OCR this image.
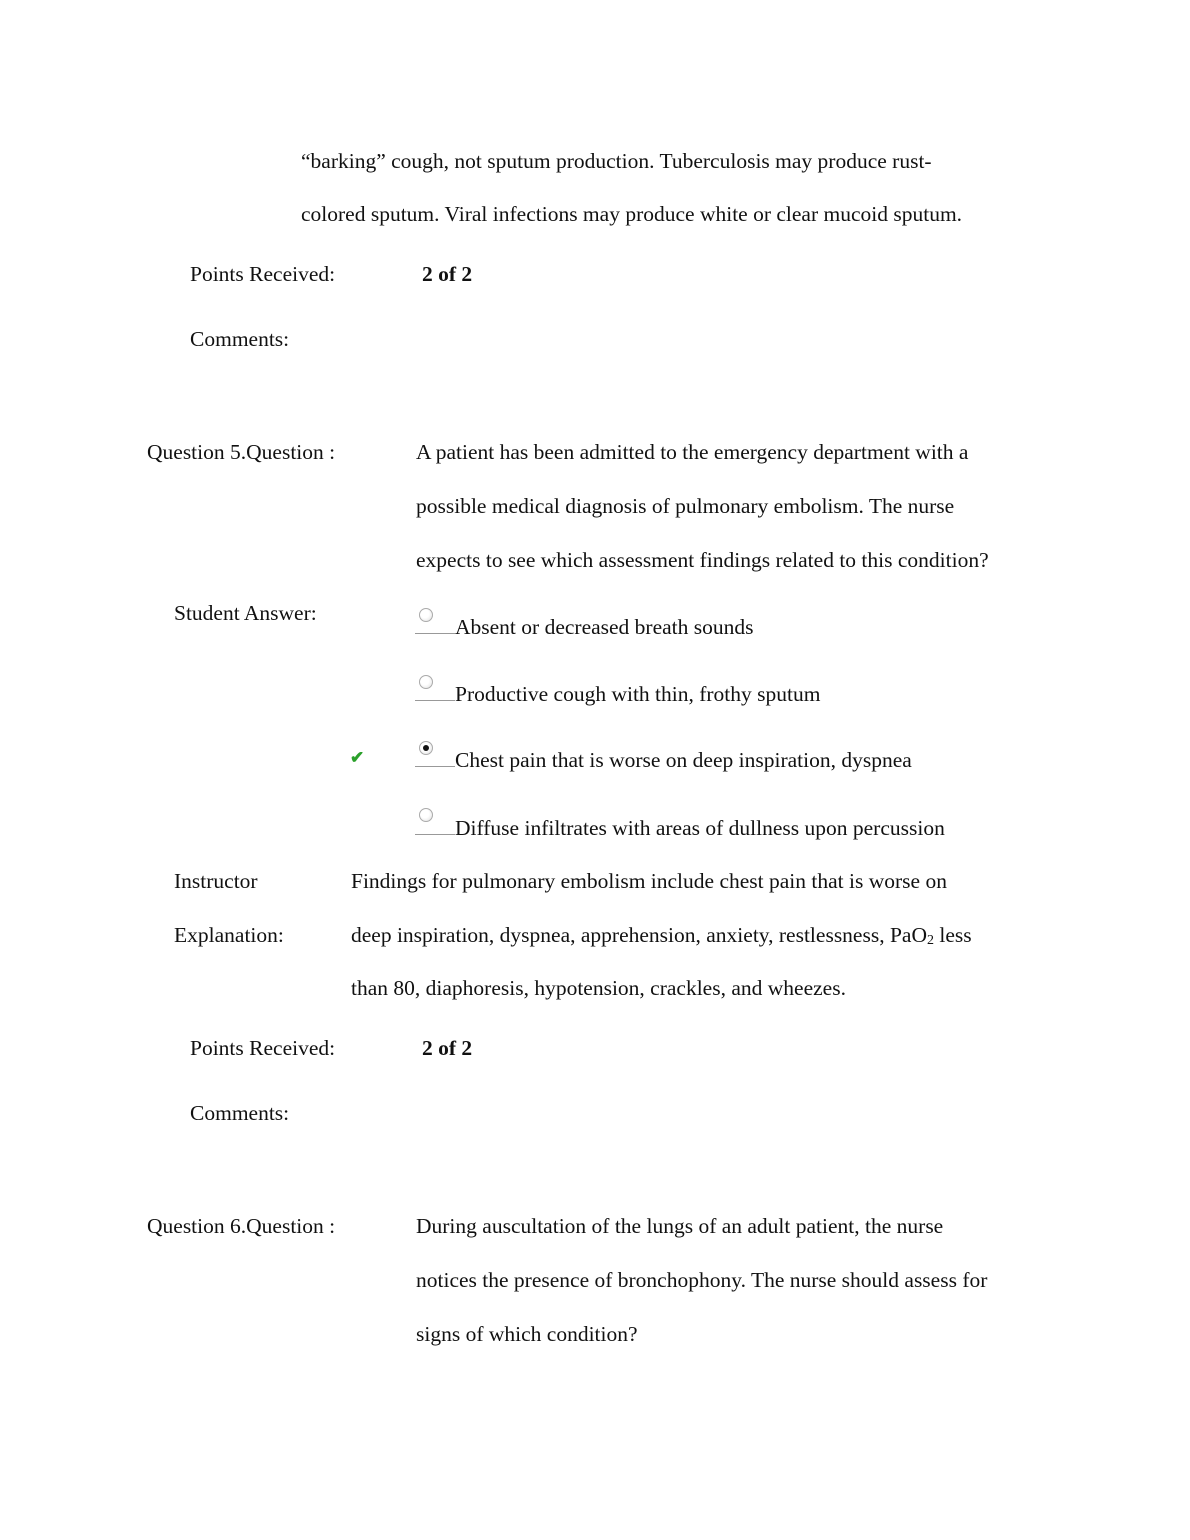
“barking” cough, not sputum production. Tuberculosis may produce rust-
colored sputum. Viral infections may produce white or clear mucoid sputum.
Points Received:	2 of 2
Comments:
Question 5.Question :	A patient has been admitted to the emergency department with a
possible medical diagnosis of pulmonary embolism. The nurse
expects to see which assessment findings related to this condition?
Student Answer:
Absent or decreased breath sounds
Productive cough with thin, frothy sputum
✔	Chest pain that is worse on deep inspiration, dyspnea
Diffuse infiltrates with areas of dullness upon percussion
Instructor
Explanation:
Findings for pulmonary embolism include chest pain that is worse on
deep inspiration, dyspnea, apprehension, anxiety, restlessness, PaO$_2$ less
than 80, diaphoresis, hypotension, crackles, and wheezes.
Points Received:	2 of 2
Comments:
Question 6.Question :	During auscultation of the lungs of an adult patient, the nurse
notices the presence of bronchophony. The nurse should assess for
signs of which condition?
